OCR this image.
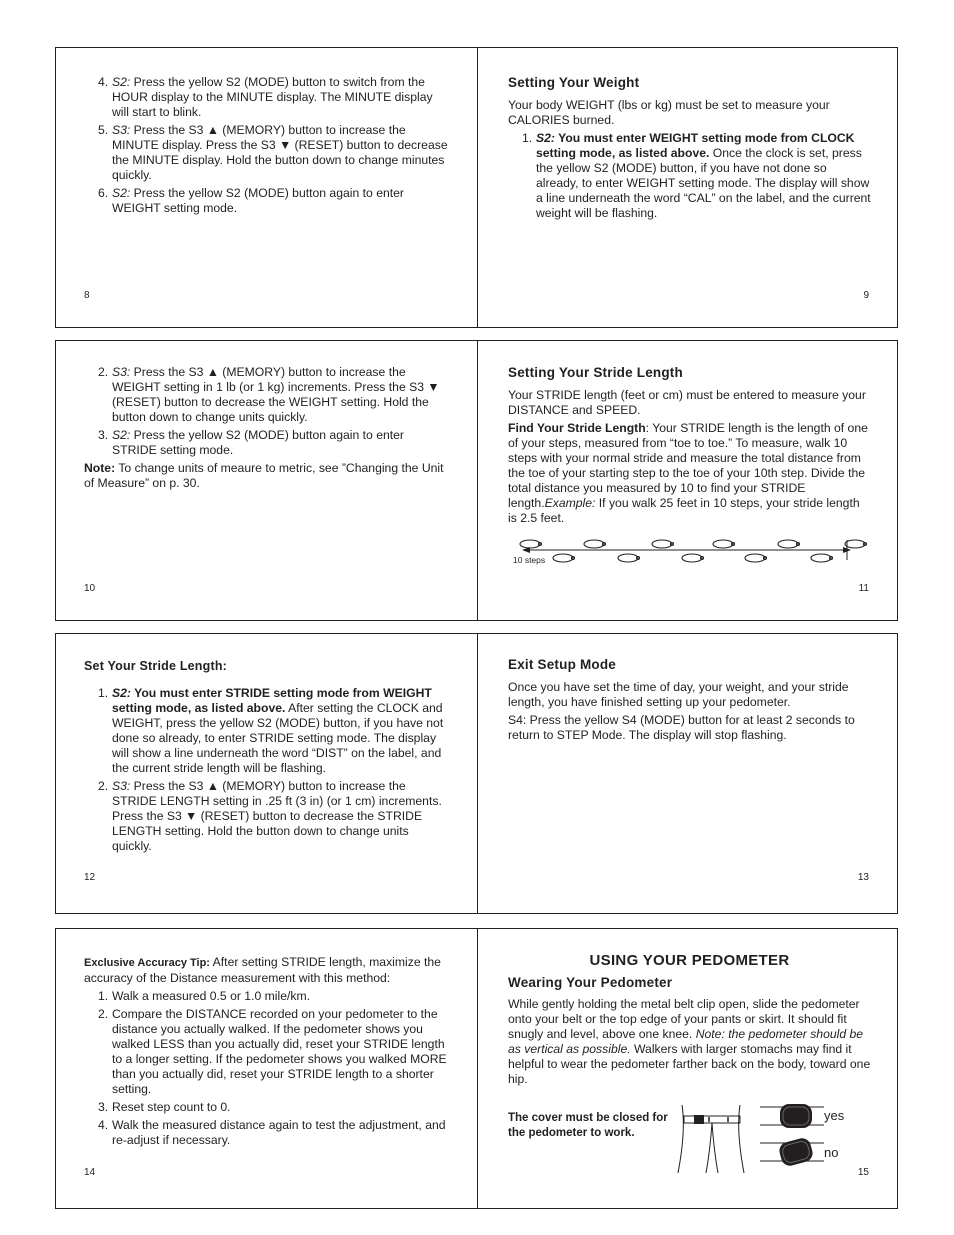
4. S2: Press the yellow S2 (MODE) button to switch from the HOUR display to the MINUTE display. The MINUTE display will start to blink.
5. S3: Press the S3 ▲ (MEMORY) button to increase the MINUTE display. Press the S3 ▼ (RESET) button to decrease the MINUTE display. Hold the button down to change minutes quickly.
6. S2: Press the yellow S2 (MODE) button again to enter WEIGHT setting mode.
8
Setting Your Weight

Your body WEIGHT (lbs or kg) must be set to measure your CALORIES burned.

1. S2: You must enter WEIGHT setting mode from CLOCK setting mode, as listed above. Once the clock is set, press the yellow S2 (MODE) button, if you have not done so already, to enter WEIGHT setting mode. The display will show a line underneath the word “CAL” on the label, and the current weight will be flashing.
9
2. S3: Press the S3 ▲ (MEMORY) button to increase the WEIGHT setting in 1 lb (or 1 kg) increments. Press the S3 ▼ (RESET) button to decrease the WEIGHT setting. Hold the button down to change units quickly.
3. S2: Press the yellow S2 (MODE) button again to enter STRIDE setting mode.

Note: To change units of meaure to metric, see ”Changing the Unit of Measure” on p. 30.

10
Setting Your Stride Length

Your STRIDE length (feet or cm) must be entered to measure your DISTANCE and SPEED.

Find Your Stride Length: Your STRIDE length is the length of one of your steps, measured from “toe to toe.” To measure, walk 10 steps with your normal stride and measure the total distance from the toe of your starting step to the toe of your 10th step. Divide the total distance you measured by 10 to find your STRIDE length.Example: If you walk 25 feet in 10 steps, your stride length is 2.5 feet.

10 steps
11
Set Your Stride Length:
1. S2: You must enter STRIDE setting mode from WEIGHT setting mode, as listed above. After setting the CLOCK and WEIGHT, press the yellow S2 (MODE) button, if you have not done so already, to enter STRIDE setting mode. The display will show a line underneath the word “DIST” on the label, and the current stride length will be flashing.
2. S3: Press the S3 ▲ (MEMORY) button to increase the STRIDE LENGTH setting in .25 ft (3 in) (or 1 cm) increments. Press the S3 ▼ (RESET) button to decrease the STRIDE LENGTH setting. Hold the button down to change units quickly.
12
Exit Setup Mode

Once you have set the time of day, your weight, and your stride length, you have finished setting up your pedometer.

S4: Press the yellow S4 (MODE) button for at least 2 seconds to return to STEP Mode. The display will stop flashing.

13

Exclusive Accuracy Tip: After setting STRIDE length, maximize the accuracy of the Distance measurement with this method:

1. Walk a measured 0.5 or 1.0 mile/km.
2. Compare the DISTANCE recorded on your pedometer to the distance you actually walked. If the pedometer shows you walked LESS than you actually did, reset your STRIDE length to a longer setting. If the pedometer shows you walked MORE than you actually did, reset your STRIDE length to a shorter setting.
3. Reset step count to 0.
4. Walk the measured distance again to test the adjustment, and re-adjust if necessary.
14
USING YOUR PEDOMETER
Wearing Your Pedometer

While gently holding the metal belt clip open, slide the pedometer onto your belt or the top edge of your pants or skirt. It should fit snugly and level, above one knee. Note: the pedometer should be as vertical as possible. Walkers with larger stomachs may find it helpful to wear the pedometer farther back on the body, toward one hip.

The cover must be closed for the pedometer to work.
yes
no
15
